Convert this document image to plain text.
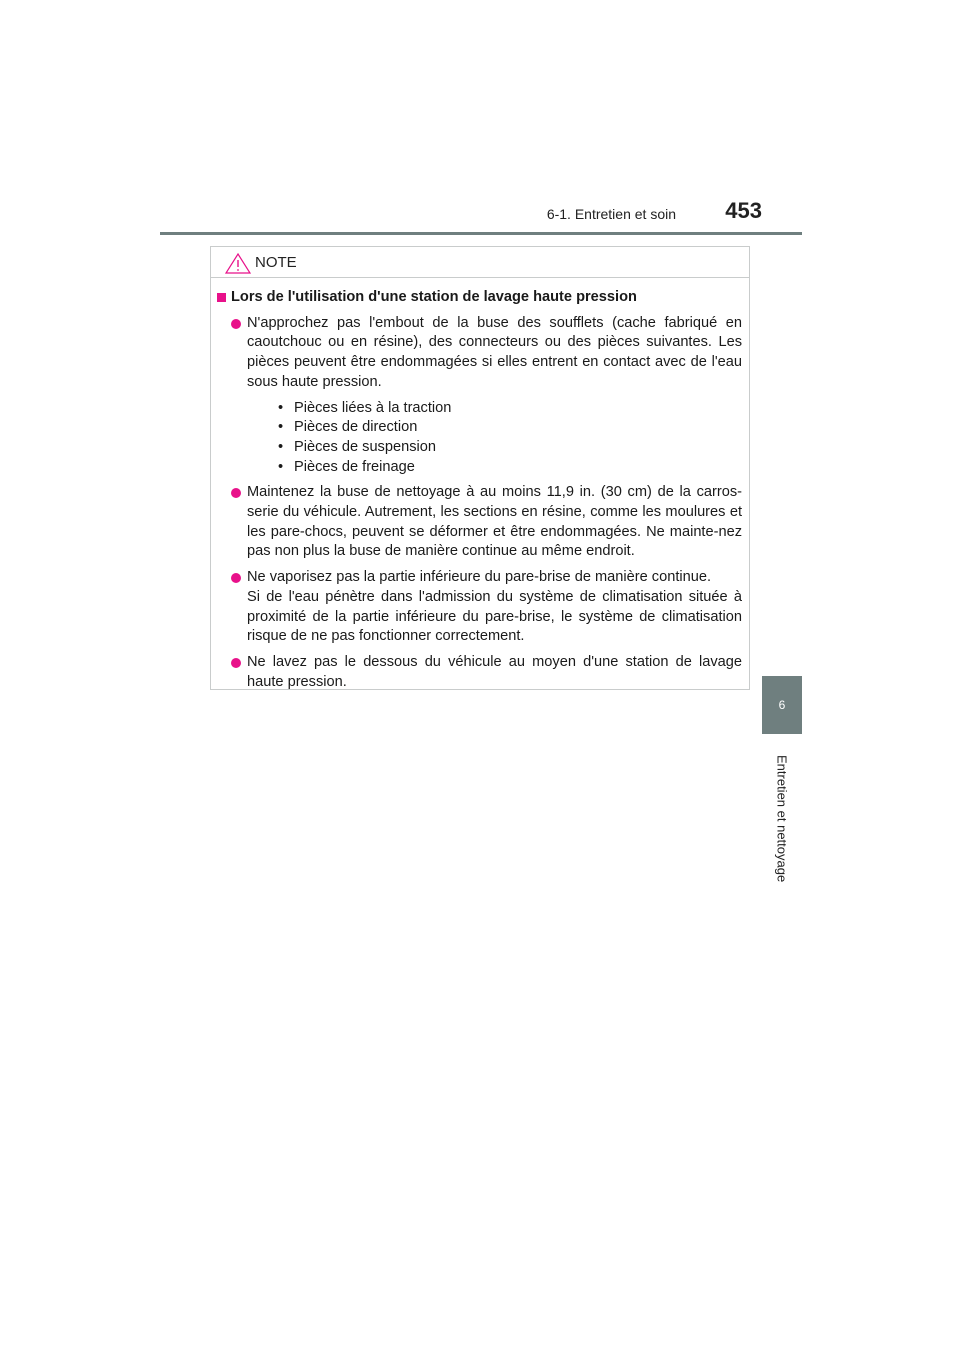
6-1. Entretien et soin	453
6
Entretien et nettoyage
NOTE
Lors de l'utilisation d'une station de lavage haute pression
N'approchez pas l'embout de la buse des soufflets (cache fabriqué en caoutchouc ou en résine), des connecteurs ou des pièces suivantes. Les pièces peuvent être endommagées si elles entrent en contact avec de l'eau sous haute pression.
• Pièces liées à la traction
• Pièces de direction
• Pièces de suspension
• Pièces de freinage
Maintenez la buse de nettoyage à au moins 11,9 in. (30 cm) de la carros-serie du véhicule. Autrement, les sections en résine, comme les moulures et les pare-chocs, peuvent se déformer et être endommagées. Ne mainte-nez pas non plus la buse de manière continue au même endroit.
Ne vaporisez pas la partie inférieure du pare-brise de manière continue.
Si de l'eau pénètre dans l'admission du système de climatisation située à proximité de la partie inférieure du pare-brise, le système de climatisation risque de ne pas fonctionner correctement.
Ne lavez pas le dessous du véhicule au moyen d'une station de lavage haute pression.
